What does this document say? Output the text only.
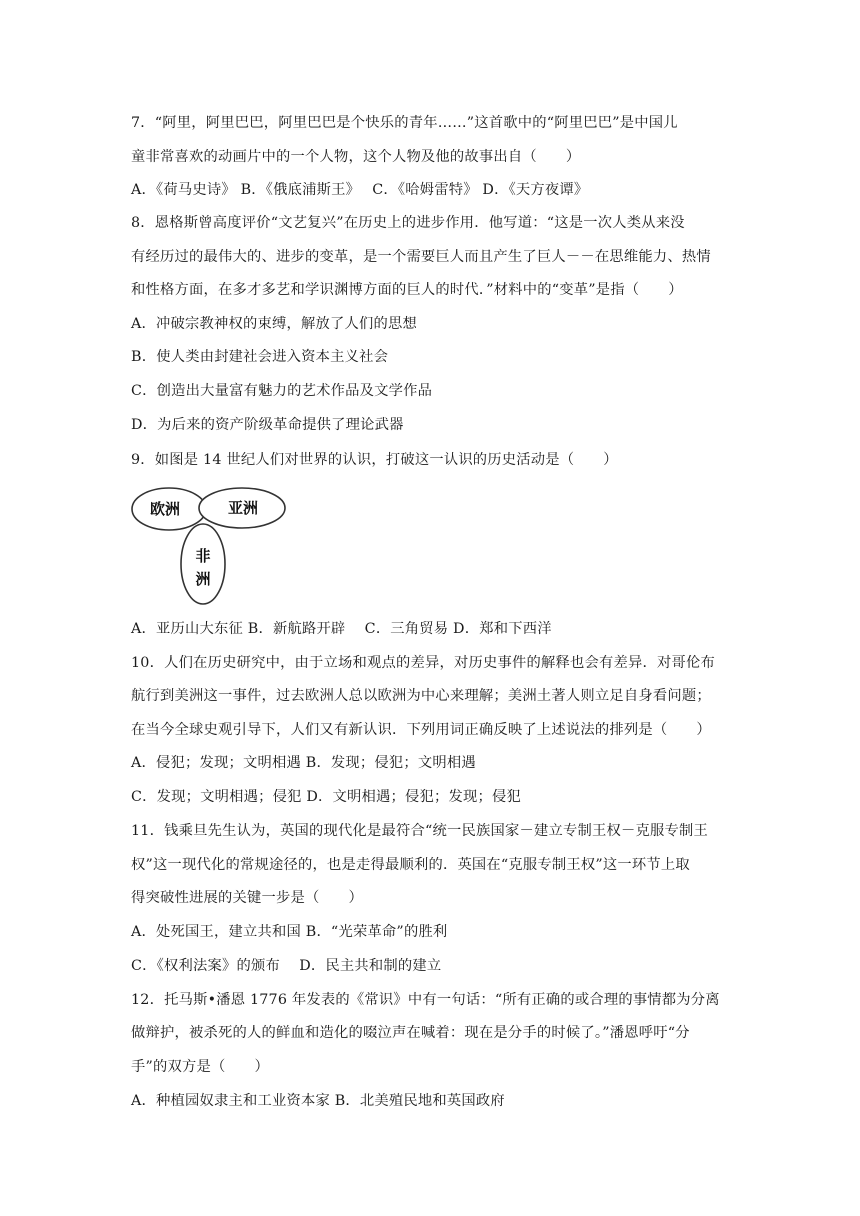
7．“阿里，阿里巴巴，阿里巴巴是个快乐的青年……”这首歌中的“阿里巴巴”是中国儿
童非常喜欢的动画片中的一个人物，这个人物及他的故事出自（　　）
A．《荷马史诗》 B．《俄底浦斯王》　 C．《哈姆雷特》 D．《天方夜谭》
8．恩格斯曾高度评价“文艺复兴”在历史上的进步作用．他写道：“这是一次人类从来没
有经历过的最伟大的、进步的变革，是一个需要巨人而且产生了巨人－－在思维能力、热情
和性格方面，在多才多艺和学识渊博方面的巨人的时代．”材料中的“变革”是指（　　）
A．冲破宗教神权的束缚，解放了人们的思想
B．使人类由封建社会进入资本主义社会
C．创造出大量富有魅力的艺术作品及文学作品
D．为后来的资产阶级革命提供了理论武器
9．如图是 14 世纪人们对世界的认识，打破这一认识的历史活动是（　　）
欧洲	亚洲
非
洲
A．亚历山大东征 B．新航路开辟　 C．三角贸易 D．郑和下西洋
10．人们在历史研究中，由于立场和观点的差异，对历史事件的解释也会有差异．对哥伦布
航行到美洲这一事件，过去欧洲人总以欧洲为中心来理解；美洲土著人则立足自身看问题；
在当今全球史观引导下，人们又有新认识．下列用词正确反映了上述说法的排列是（　　）
A．侵犯；发现；文明相遇 B．发现；侵犯；文明相遇
C．发现；文明相遇；侵犯 D．文明相遇；侵犯；发现；侵犯
11．钱乘旦先生认为，英国的现代化是最符合“统一民族国家－建立专制王权－克服专制王
权”这一现代化的常规途径的，也是走得最顺利的．英国在“克服专制王权”这一环节上取
得突破性进展的关键一步是（　　）
A．处死国王，建立共和国 B．“光荣革命”的胜利
C．《权利法案》的颁布　 D．民主共和制的建立
12．托马斯•潘恩 1776 年发表的《常识》中有一句话：“所有正确的或合理的事情都为分离
做辩护，被杀死的人的鲜血和造化的啜泣声在喊着：现在是分手的时候了。”潘恩呼吁“分
手”的双方是（　　）
A．种植园奴隶主和工业资本家 B．北美殖民地和英国政府
